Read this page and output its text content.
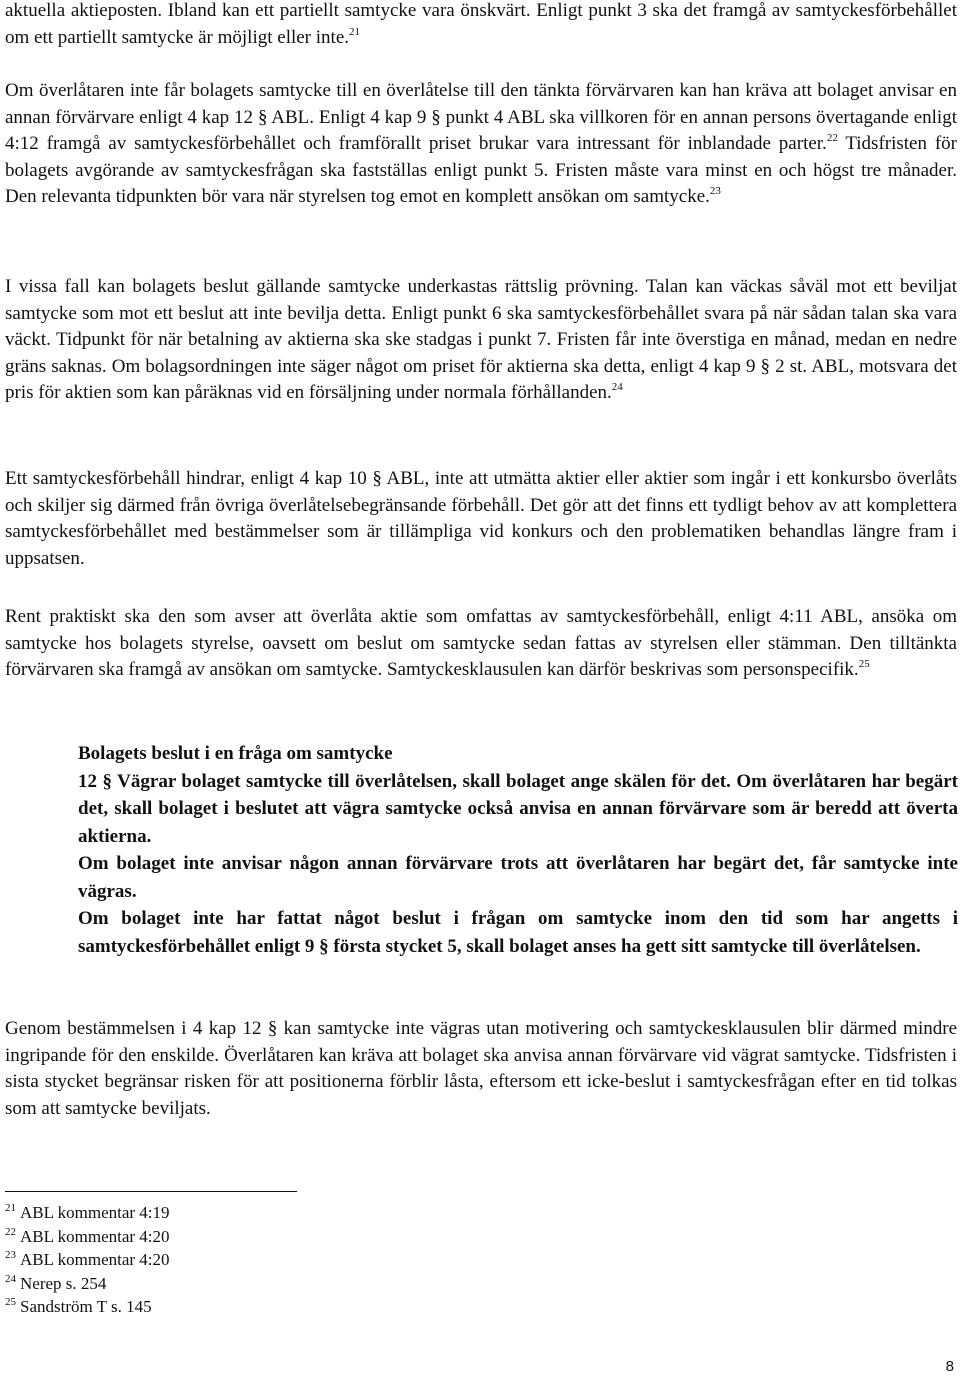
aktuella aktieposten. Ibland kan ett partiellt samtycke vara önskvärt. Enligt punkt 3 ska det framgå av samtyckesförbehållet om ett partiellt samtycke är möjligt eller inte.$^{21}$

Om överlåtaren inte får bolagets samtycke till en överlåtelse till den tänkta förvärvaren kan han kräva att bolaget anvisar en annan förvärvare enligt 4 kap 12 § ABL. Enligt 4 kap 9 § punkt 4 ABL ska villkoren för en annan persons övertagande enligt 4:12 framgå av samtyckesförbehållet och framförallt priset brukar vara intressant för inblandade parter.$^{22}$ Tidsfristen för bolagets avgörande av samtyckesfrågan ska fastställas enligt punkt 5. Fristen måste vara minst en och högst tre månader. Den relevanta tidpunkten bör vara när styrelsen tog emot en komplett ansökan om samtycke.$^{23}$

I vissa fall kan bolagets beslut gällande samtycke underkastas rättslig prövning. Talan kan väckas såväl mot ett beviljat samtycke som mot ett beslut att inte bevilja detta. Enligt punkt 6 ska samtyckesförbehållet svara på när sådan talan ska vara väckt. Tidpunkt för när betalning av aktierna ska ske stadgas i punkt 7. Fristen får inte överstiga en månad, medan en nedre gräns saknas. Om bolagsordningen inte säger något om priset för aktierna ska detta, enligt 4 kap 9 § 2 st. ABL, motsvara det pris för aktien som kan påräknas vid en försäljning under normala förhållanden.$^{24}$

Ett samtyckesförbehåll hindrar, enligt 4 kap 10 § ABL, inte att utmätta aktier eller aktier som ingår i ett konkursbo överlåts och skiljer sig därmed från övriga överlåtelsebegränsande förbehåll. Det gör att det finns ett tydligt behov av att komplettera samtyckesförbehållet med bestämmelser som är tillämpliga vid konkurs och den problematiken behandlas längre fram i uppsatsen.

Rent praktiskt ska den som avser att överlåta aktie som omfattas av samtyckesförbehåll, enligt 4:11 ABL, ansöka om samtycke hos bolagets styrelse, oavsett om beslut om samtycke sedan fattas av styrelsen eller stämman. Den tilltänkta förvärvaren ska framgå av ansökan om samtycke. Samtyckesklausulen kan därför beskrivas som personspecifik.$^{25}$

Bolagets beslut i en fråga om samtycke
12 § Vägrar bolaget samtycke till överlåtelsen, skall bolaget ange skälen för det. Om överlåtaren har begärt det, skall bolaget i beslutet att vägra samtycke också anvisa en annan förvärvare som är beredd att överta aktierna.
Om bolaget inte anvisar någon annan förvärvare trots att överlåtaren har begärt det, får samtycke inte vägras.
Om bolaget inte har fattat något beslut i frågan om samtycke inom den tid som har angetts i samtyckesförbehållet enligt 9 § första stycket 5, skall bolaget anses ha gett sitt samtycke till överlåtelsen.

Genom bestämmelsen i 4 kap 12 § kan samtycke inte vägras utan motivering och samtyckesklausulen blir därmed mindre ingripande för den enskilde. Överlåtaren kan kräva att bolaget ska anvisa annan förvärvare vid vägrat samtycke. Tidsfristen i sista stycket begränsar risken för att positionerna förblir låsta, eftersom ett icke-beslut i samtyckesfrågan efter en tid tolkas som att samtycke beviljats.

$^{21}$ ABL kommentar 4:19
$^{22}$ ABL kommentar 4:20
$^{23}$ ABL kommentar 4:20
$^{24}$ Nerep s. 254
$^{25}$ Sandström T s. 145
8
